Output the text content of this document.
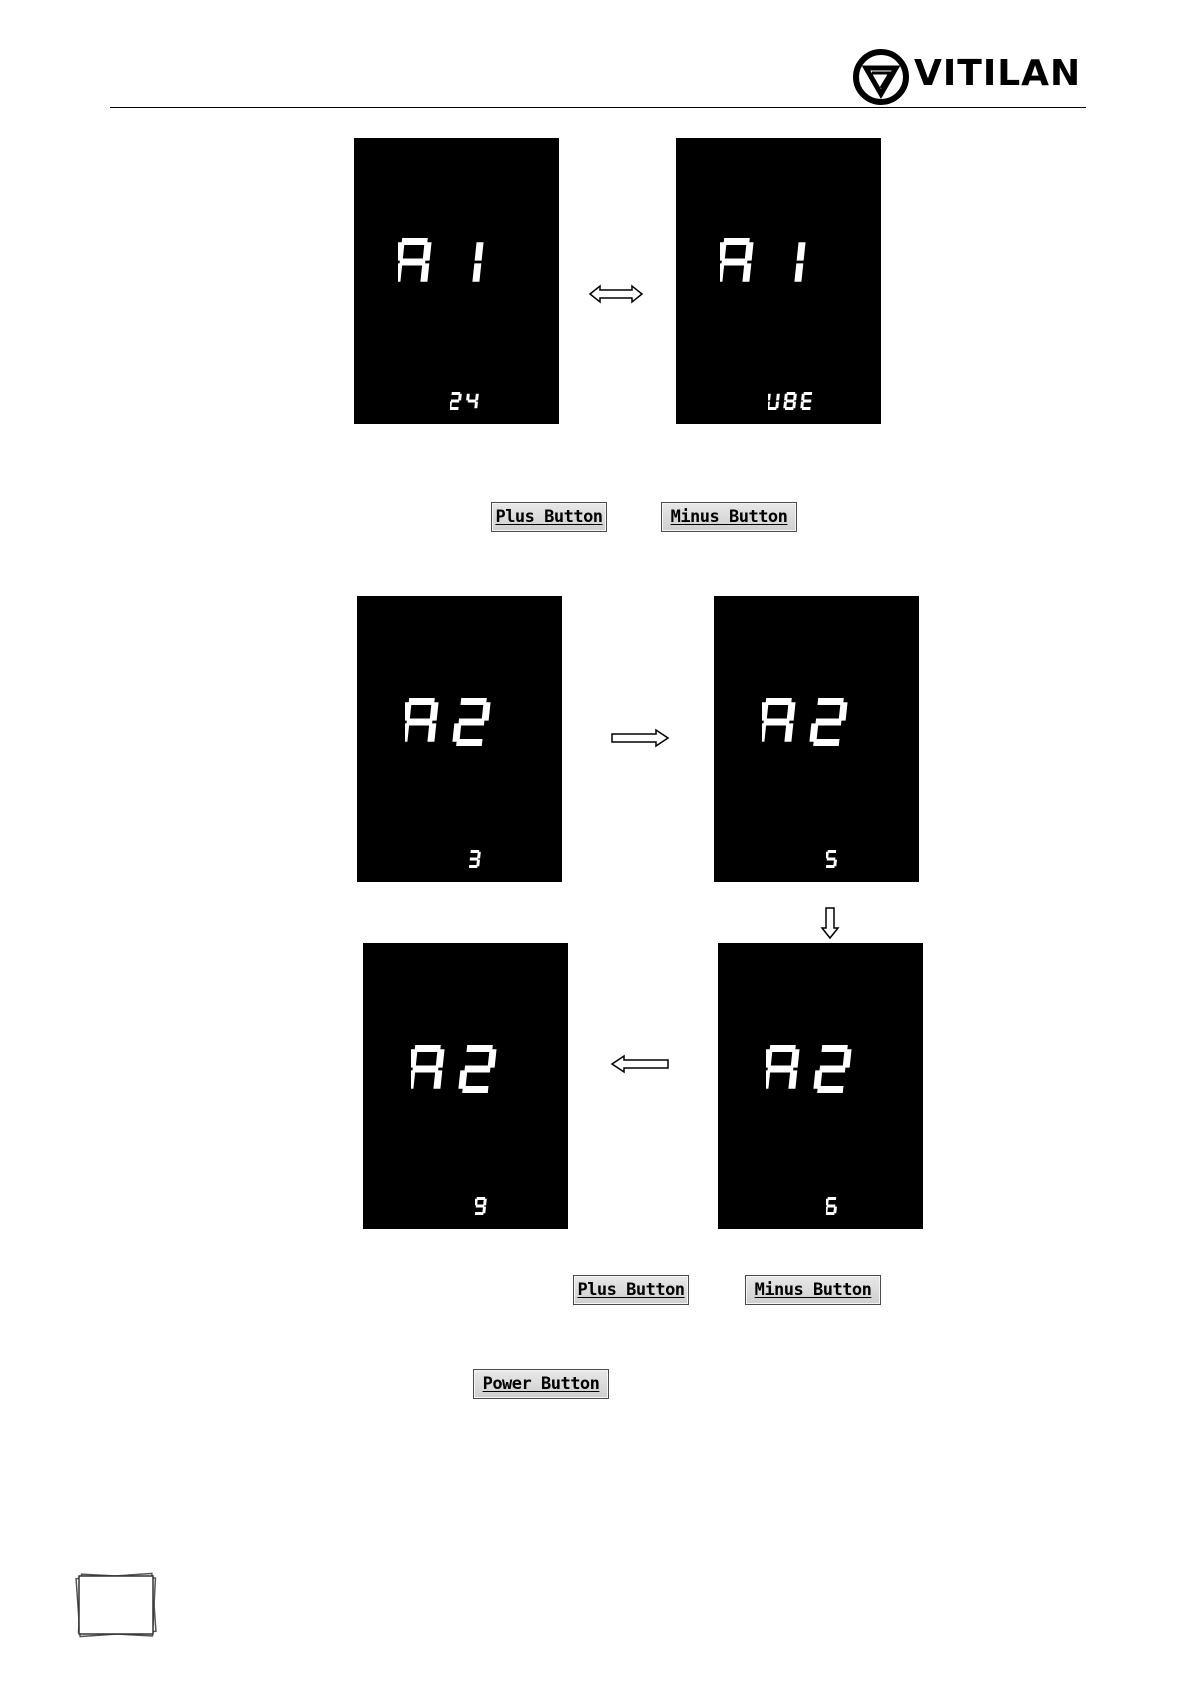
VITILAN
Plus Button	Minus Button
Plus Button	Minus Button
Power Button
